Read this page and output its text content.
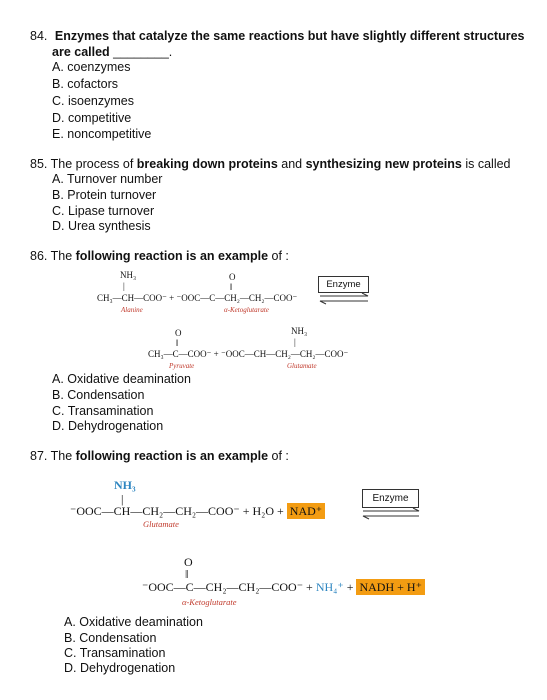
84. Enzymes that catalyze the same reactions but have slightly different structures
are called ________.
A. coenzymes
B. cofactors
C. isoenzymes
D. competitive
E. noncompetitive
85. The process of breaking down proteins and synthesizing new proteins is called
A. Turnover number
B. Protein turnover
C. Lipase turnover
D. Urea synthesis
86. The following reaction is an example of :
NH₃
|
O
‖
CH₃—CH—COO⁻ + ⁻OOC—C—CH₂—CH₂—COO⁻
Alanine	α-Ketoglutarate
Enzyme
O
‖
NH₃
|
CH₃—C—COO⁻ + ⁻OOC—CH—CH₂—CH₂—COO⁻
Pyruvate	Glutamate
A. Oxidative deamination
B. Condensation
C. Transamination
D. Dehydrogenation
87. The following reaction is an example of :
NH₃
|
⁻OOC—CH—CH₂—CH₂—COO⁻ + H₂O + NAD⁺
Glutamate
Enzyme
O
‖
⁻OOC—C—CH₂—CH₂—COO⁻ + NH₄⁺ + NADH + H⁺
α-Ketoglutarate
A. Oxidative deamination
B. Condensation
C. Transamination
D. Dehydrogenation
